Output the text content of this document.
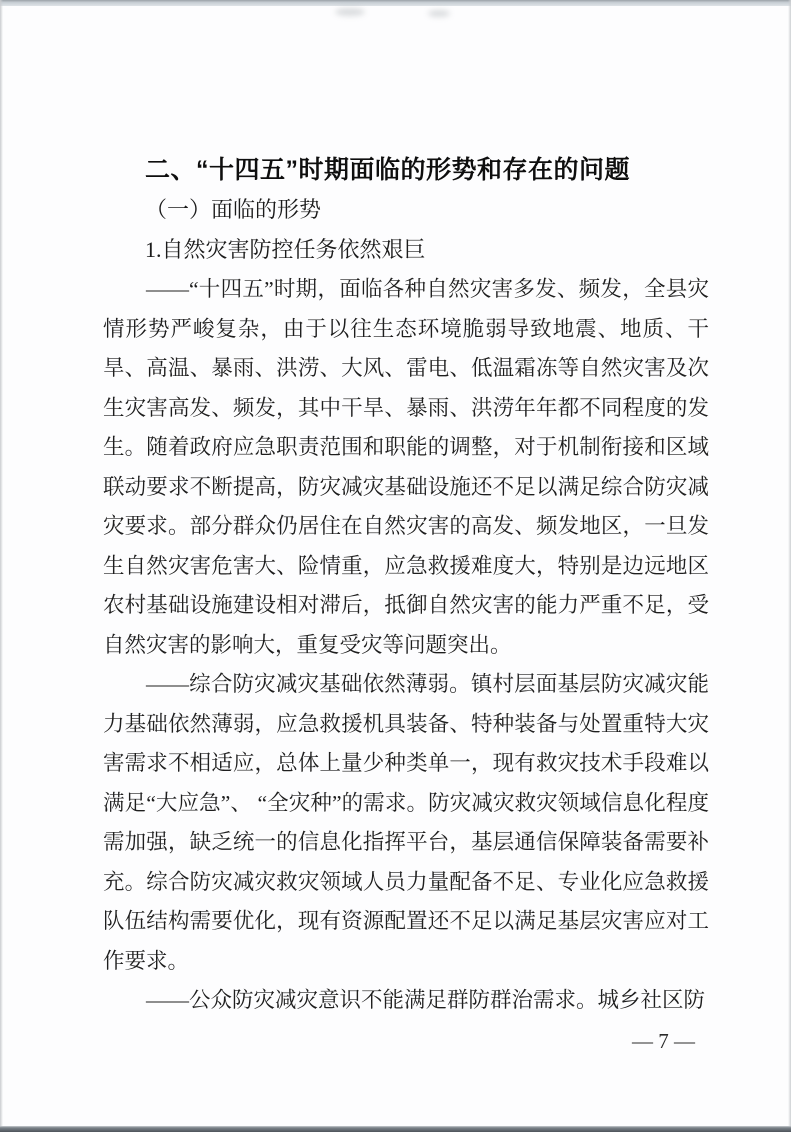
二、“十四五”时期面临的形势和存在的问题
（一）面临的形势
1.自然灾害防控任务依然艰巨

——“十四五”时期，面临各种自然灾害多发、频发，全县灾情形势严峻复杂，由于以往生态环境脆弱导致地震、地质、干旱、高温、暴雨、洪涝、大风、雷电、低温霜冻等自然灾害及次生灾害高发、频发，其中干旱、暴雨、洪涝年年都不同程度的发生。随着政府应急职责范围和职能的调整，对于机制衔接和区域联动要求不断提高，防灾减灾基础设施还不足以满足综合防灾减灾要求。部分群众仍居住在自然灾害的高发、频发地区，一旦发生自然灾害危害大、险情重，应急救援难度大，特别是边远地区农村基础设施建设相对滞后，抵御自然灾害的能力严重不足，受自然灾害的影响大，重复受灾等问题突出。

——综合防灾减灾基础依然薄弱。镇村层面基层防灾减灾能力基础依然薄弱，应急救援机具装备、特种装备与处置重特大灾害需求不相适应，总体上量少种类单一，现有救灾技术手段难以满足“大应急”、 “全灾种”的需求。防灾减灾救灾领域信息化程度需加强，缺乏统一的信息化指挥平台，基层通信保障装备需要补充。综合防灾减灾救灾领域人员力量配备不足、专业化应急救援队伍结构需要优化，现有资源配置还不足以满足基层灾害应对工作要求。

——公众防灾减灾意识不能满足群防群治需求。城乡社区防

— 7 —
